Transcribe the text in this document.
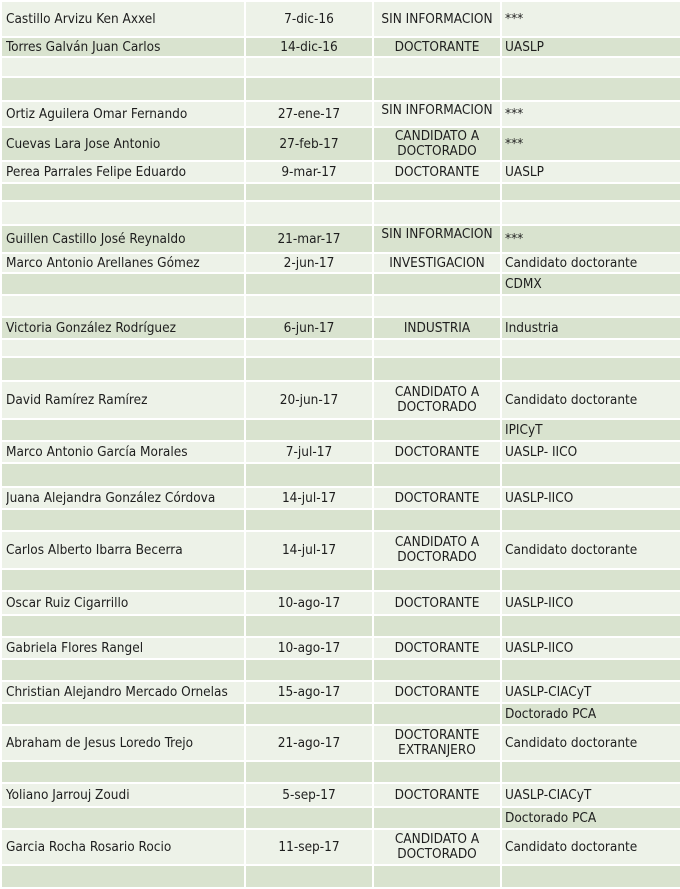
Castillo Arvizu Ken Axxel	7-dic-16	SIN INFORMACION	***

Torres Galván Juan Carlos	14-dic-16	DOCTORANTE	UASLP

Ortiz Aguilera Omar Fernando	27-ene-17	SIN INFORMACION	***

Cuevas Lara Jose Antonio	27-feb-17	CANDIDATO A DOCTORADO	***

Perea Parrales Felipe Eduardo	9-mar-17	DOCTORANTE	UASLP

Guillen Castillo José Reynaldo	21-mar-17	SIN INFORMACION	***

Marco Antonio Arellanes Gómez	2-jun-17	INVESTIGACION	Candidato doctorante

			CDMX

Victoria González Rodríguez	6-jun-17	INDUSTRIA	Industria

David Ramírez Ramírez	20-jun-17	CANDIDATO A DOCTORADO	Candidato doctorante

			IPICyT

Marco Antonio García Morales	7-jul-17	DOCTORANTE	UASLP- IICO

Juana Alejandra González Córdova	14-jul-17	DOCTORANTE	UASLP-IICO

Carlos Alberto Ibarra Becerra	14-jul-17	CANDIDATO A DOCTORADO	Candidato doctorante

Oscar Ruiz Cigarrillo	10-ago-17	DOCTORANTE	UASLP-IICO

Gabriela Flores Rangel	10-ago-17	DOCTORANTE	UASLP-IICO

Christian Alejandro Mercado Ornelas	15-ago-17	DOCTORANTE	UASLP-CIACyT

			Doctorado PCA

Abraham de Jesus Loredo Trejo	21-ago-17	DOCTORANTE EXTRANJERO	Candidato doctorante

Yoliano Jarrouj Zoudi	5-sep-17	DOCTORANTE	UASLP-CIACyT

			Doctorado PCA

Garcia Rocha Rosario Rocio	11-sep-17	CANDIDATO A DOCTORADO	Candidato doctorante
